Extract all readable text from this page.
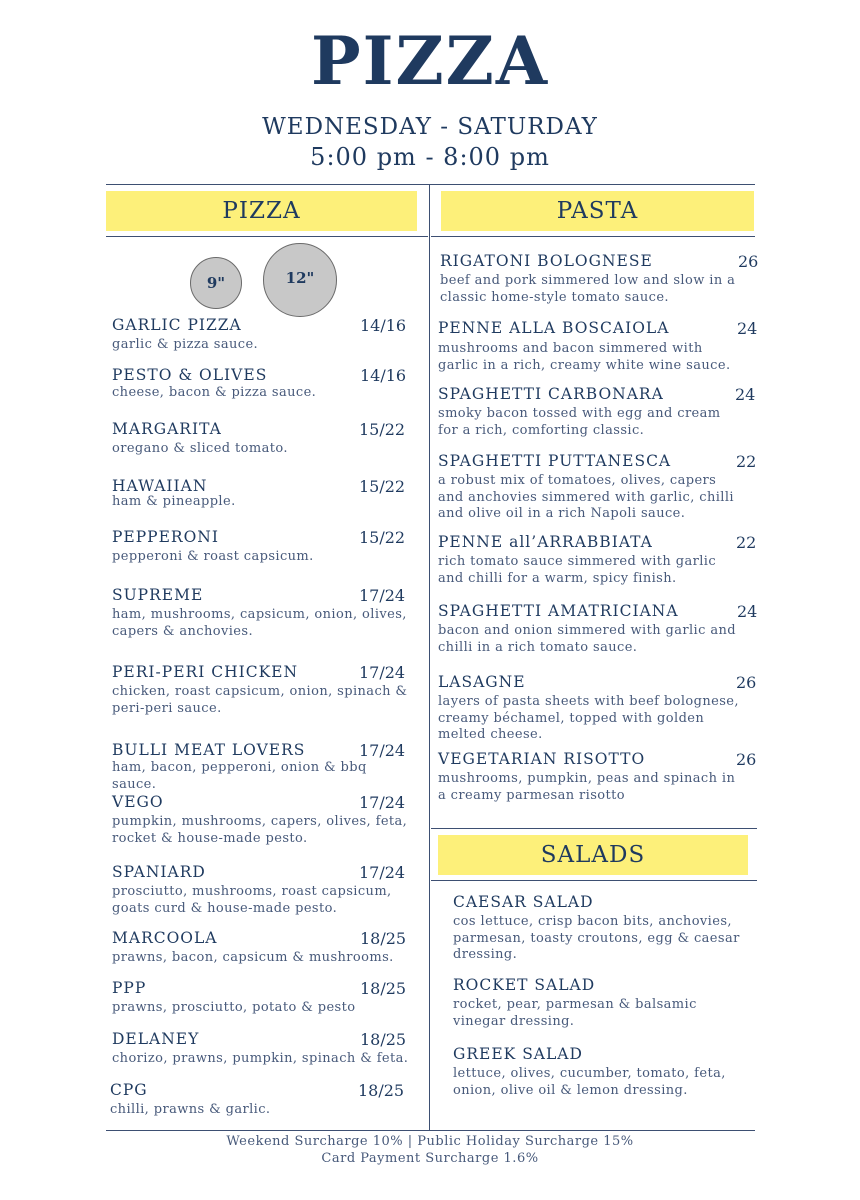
PIZZA
WEDNESDAY - SATURDAY
5:00 pm - 8:00 pm
PIZZA	PASTA
SALADS
9"	12"
GARLIC PIZZA	14/16
garlic & pizza sauce.
PESTO & OLIVES	14/16
cheese, bacon & pizza sauce.
MARGARITA	15/22
oregano & sliced tomato.
HAWAIIAN	15/22
ham & pineapple.
PEPPERONI	15/22
pepperoni & roast capsicum.
SUPREME	17/24
ham, mushrooms, capsicum, onion, olives, capers & anchovies.
PERI-PERI CHICKEN	17/24
chicken, roast capsicum, onion, spinach & peri-peri sauce.
BULLI MEAT LOVERS	17/24
ham, bacon, pepperoni, onion & bbq sauce.
VEGO	17/24
pumpkin, mushrooms, capers, olives, feta, rocket & house-made pesto.
SPANIARD	17/24
prosciutto, mushrooms, roast capsicum, goats curd & house-made pesto.
MARCOOLA	18/25
prawns, bacon, capsicum & mushrooms.
PPP	18/25
prawns, prosciutto, potato & pesto
DELANEY	18/25
chorizo, prawns, pumpkin, spinach & feta.
CPG	18/25
chilli, prawns & garlic.
RIGATONI BOLOGNESE	26
beef and pork simmered low and slow in a classic home-style tomato sauce.
PENNE ALLA BOSCAIOLA	24
mushrooms and bacon simmered with garlic in a rich, creamy white wine sauce.
SPAGHETTI CARBONARA	24
smoky bacon tossed with egg and cream for a rich, comforting classic.
SPAGHETTI PUTTANESCA	22
a robust mix of tomatoes, olives, capers and anchovies simmered with garlic, chilli and olive oil in a rich Napoli sauce.
PENNE all’ARRABBIATA	22
rich tomato sauce simmered with garlic and chilli for a warm, spicy finish.
SPAGHETTI AMATRICIANA	24
bacon and onion simmered with garlic and chilli in a rich tomato sauce.
LASAGNE	26
layers of pasta sheets with beef bolognese, creamy béchamel, topped with golden melted cheese.
VEGETARIAN RISOTTO	26
mushrooms, pumpkin, peas and spinach in a creamy parmesan risotto
CAESAR SALAD
cos lettuce, crisp bacon bits, anchovies, parmesan, toasty croutons, egg & caesar dressing.
ROCKET SALAD
rocket, pear, parmesan & balsamic vinegar dressing.
GREEK SALAD
lettuce, olives, cucumber, tomato, feta, onion, olive oil & lemon dressing.
Weekend Surcharge 10% | Public Holiday Surcharge 15%
Card Payment Surcharge 1.6%
